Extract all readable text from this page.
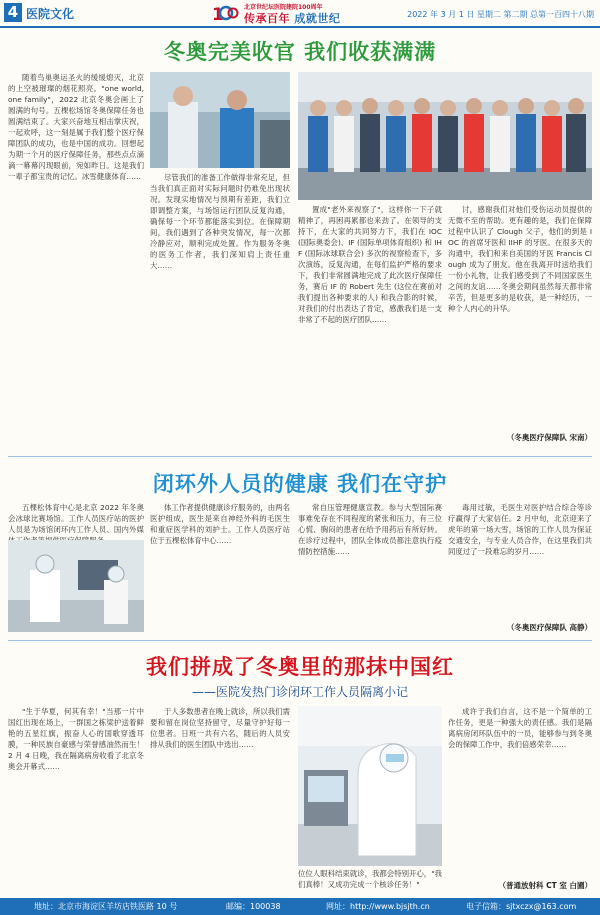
4 医院文化	1	北京世纪坛医院建院100周年
传承百年 成就世纪	2022 年 3 月 1 日 星期二 第二期 总第一百四十八期
冬奥完美收官 我们收获满满

随着鸟巢奥运圣火的缓缓熄灭，北京的上空被璀璨的烟花照亮。"one world, one family"，2022 北京冬奥会画上了圆满的句号。五棵松场馆冬奥保障任务也圆满结束了。大家兴奋地互相击掌庆祝，一起欢呼，这一刻是属于我们整个医疗保障团队的成功，也是中国的成功。回想起为期一个月的医疗保障任务，那些点点滴滴一幕幕闪现眼前，宛如昨日。这是我们一辈子都宝贵的记忆。冰雪健康体育……	尽管我们的准备工作做得非常充足，但当我们真正面对实际问题时仍难免出现状况。发现实地情况与预期有差距，我们立即调整方案，与场馆运行团队反复沟通，确保每一个环节都能落实到位。在保障期间，我们遇到了各种突发情况，每一次都冷静应对，顺利完成处置。作为服务冬奥的医务工作者，我们深知肩上责任重大……

置成"老外来视察了"，这样你一下子就精神了，再困再累都也来劲了。在领导的支持下，在大家的共同努力下，我们在 IOC (国际奥委会)、IF (国际单项体育组织) 和 IHF (国际冰球联合会) 多次的视察检查下，多次演练，反复沟通，在每们监护严格的要求下，我们非常圆满地完成了此次医疗保障任务，赛后 IF 的 Robert 先生 (这位在赛前对我们提出各种要求的人) 和我合影的时候，对我们的付出表达了肯定，感激我们是一支非常了不起的医疗团队……

讨，感谢我们对他们受伤运动员提供的无微不至的帮助。更有趣的是，我们在保障过程中认识了 Clough 父子，他们的到是 IOC 的首席牙医和 IIHF 的牙医。在很多天的沟通中，我们和来自美国的牙医 Francis Clough 成为了朋友。他在我离开时送给我们一份小礼物，让我们感受到了不同国家医生之间的友谊……冬奥会期间虽然每天都非常辛苦，但是更多的是收获，是一种经历，一种个人内心的升华。

（冬奥医疗保障队 宋南）
闭环外人员的健康 我们在守护

五棵松体育中心是北京 2022 年冬奥会冰球比赛场馆。工作人员医疗站的医护人员是为场馆闭环内工作人员、国内外媒

体工作者提供健康诊疗服务的，由两名医护组成，医生是来自神经外科的毛医生和重症医学科的刘护士。工作人员医疗站位于五棵松体育中心……

常自压管理健康宣教。参与大型国际赛事难免存在不同程度的紧张和压力，有三位心慌、胸闷的患者在给予用药后有所好转。在诊疗过程中，团队全体成员都注意执行疫情防控措施……

毒用过敏，毛医生对医护结合综合等诊疗赢得了大家信任。2 月中旬，北京迎来了虎年的第一场大雪，场馆的工作人员为保证交通安全，与专业人员合作，在这里我们共同度过了一段难忘的岁月……

（冬奥医疗保障队 高静）
我们拼成了冬奥里的那抹中国红
——医院发热门诊闭环工作人员隔离小记

"生于华夏，何其有幸！"当那一片中国红出现在场上，一群国之栋梁护送着鲜艳的五星红旗，振奋人心的国歌穿透耳膜，一种民族自豪感与荣誉感油然而生！2 月 4 日晚，我在隔离病房收看了北京冬奥会开幕式……

于人多数患者在晚上就诊，所以我们需要和留在岗位坚持留守，尽量守护好每一位患者。日班一共有六名，随后的人员安排从我们的医生团队中选出……

位位人眼科结束就诊，我都会特别开心，"我们真棒！又成功完成一个核诊任务！"

成许于我们自言，这不是一个简单的工作任务，更是一种强大的责任感。我们是隔离病房闭环队伍中的一员，能够参与到冬奥会的保障工作中，我们倍感荣幸……

（普通放射科 CT 室 白圃）
地址：北京市海淀区羊坊店铁医路 10 号	邮编：100038	网址：http://www.bjsjth.cn	电子信箱：sjtxczx@163.com
